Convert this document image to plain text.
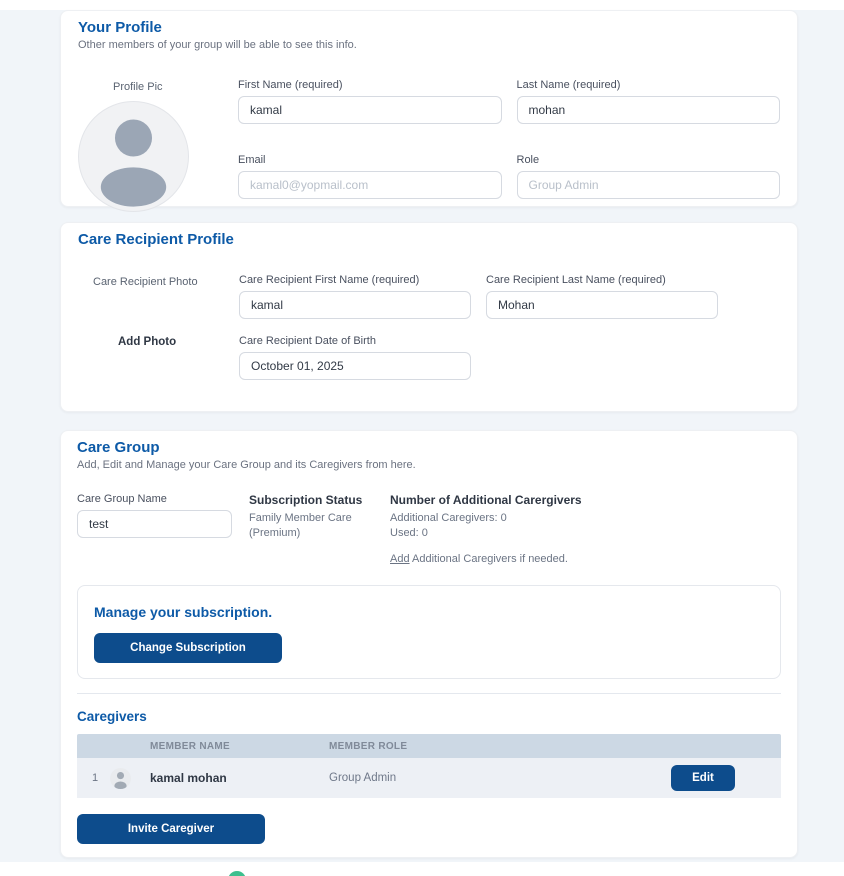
Your Profile

Other members of your group will be able to see this info.

Profile Pic	First Name (required)
kamal	Last Name (required)
mohan
Email
kamal0@yopmail.com	Role
Group Admin
Care Recipient Profile
Care Recipient Photo
Add Photo
Care Recipient First Name (required)
kamal	Care Recipient Last Name (required)
Mohan
Care Recipient Date of Birth
October 01, 2025
Care Group

Add, Edit and Manage your Care Group and its Caregivers from here.

Care Group Name
test	Subscription Status
Family Member Care (Premium)
Number of Additional Carergivers
Additional Caregivers: 0
Used: 0
Add Additional Caregivers if needed.
Manage your subscription.
Change Subscription
Caregivers
MEMBER NAME	MEMBER ROLE
1	kamal mohan	Group Admin	Edit
Invite Caregiver
